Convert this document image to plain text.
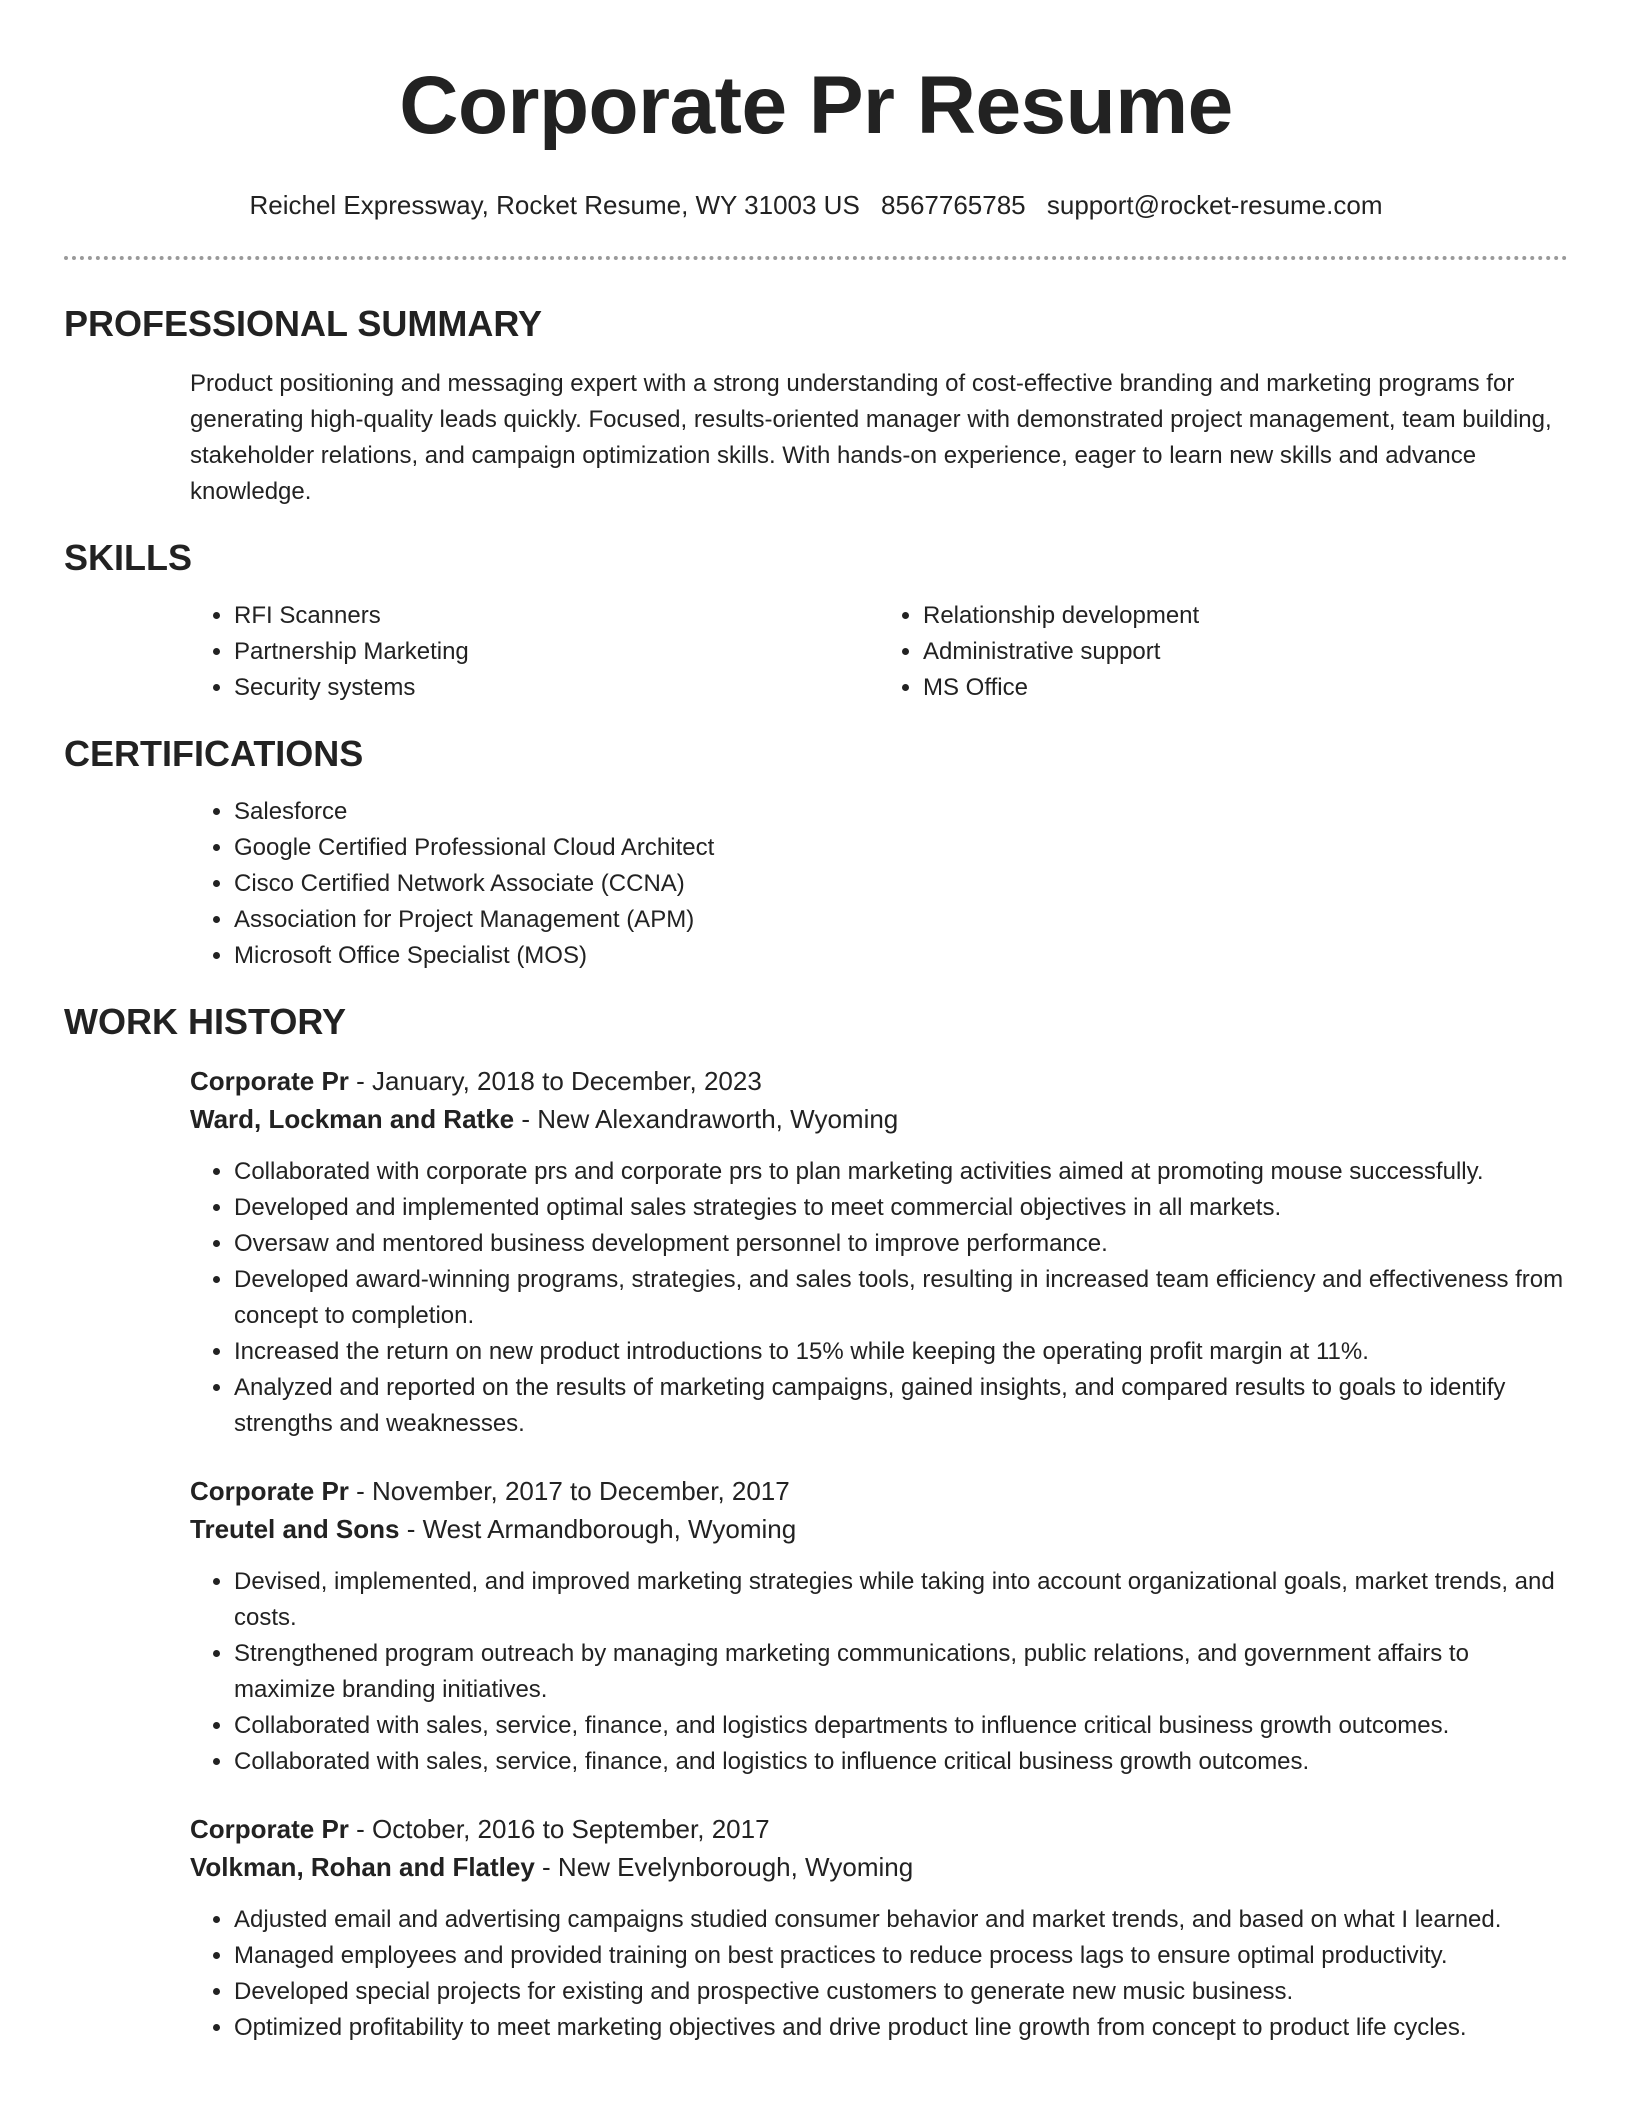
Corporate Pr Resume
Reichel Expressway, Rocket Resume, WY 31003 US 8567765785 support@rocket-resume.com
PROFESSIONAL SUMMARY

Product positioning and messaging expert with a strong understanding of cost-effective branding and marketing programs for generating high-quality leads quickly. Focused, results-oriented manager with demonstrated project management, team building, stakeholder relations, and campaign optimization skills. With hands-on experience, eager to learn new skills and advance knowledge.

SKILLS
• RFI Scanners
• Partnership Marketing
• Security systems
• Relationship development
• Administrative support
• MS Office
CERTIFICATIONS
• Salesforce
• Google Certified Professional Cloud Architect
• Cisco Certified Network Associate (CCNA)
• Association for Project Management (APM)
• Microsoft Office Specialist (MOS)
WORK HISTORY
Corporate Pr - January, 2018 to December, 2023
Ward, Lockman and Ratke - New Alexandraworth, Wyoming
• Collaborated with corporate prs and corporate prs to plan marketing activities aimed at promoting mouse successfully.
• Developed and implemented optimal sales strategies to meet commercial objectives in all markets.
• Oversaw and mentored business development personnel to improve performance.
• Developed award-winning programs, strategies, and sales tools, resulting in increased team efficiency and effectiveness from concept to completion.
• Increased the return on new product introductions to 15% while keeping the operating profit margin at 11%.
• Analyzed and reported on the results of marketing campaigns, gained insights, and compared results to goals to identify strengths and weaknesses.
Corporate Pr - November, 2017 to December, 2017
Treutel and Sons - West Armandborough, Wyoming
• Devised, implemented, and improved marketing strategies while taking into account organizational goals, market trends, and costs.
• Strengthened program outreach by managing marketing communications, public relations, and government affairs to maximize branding initiatives.
• Collaborated with sales, service, finance, and logistics departments to influence critical business growth outcomes.
• Collaborated with sales, service, finance, and logistics to influence critical business growth outcomes.
Corporate Pr - October, 2016 to September, 2017
Volkman, Rohan and Flatley - New Evelynborough, Wyoming
• Adjusted email and advertising campaigns studied consumer behavior and market trends, and based on what I learned.
• Managed employees and provided training on best practices to reduce process lags to ensure optimal productivity.
• Developed special projects for existing and prospective customers to generate new music business.
• Optimized profitability to meet marketing objectives and drive product line growth from concept to product life cycles.
